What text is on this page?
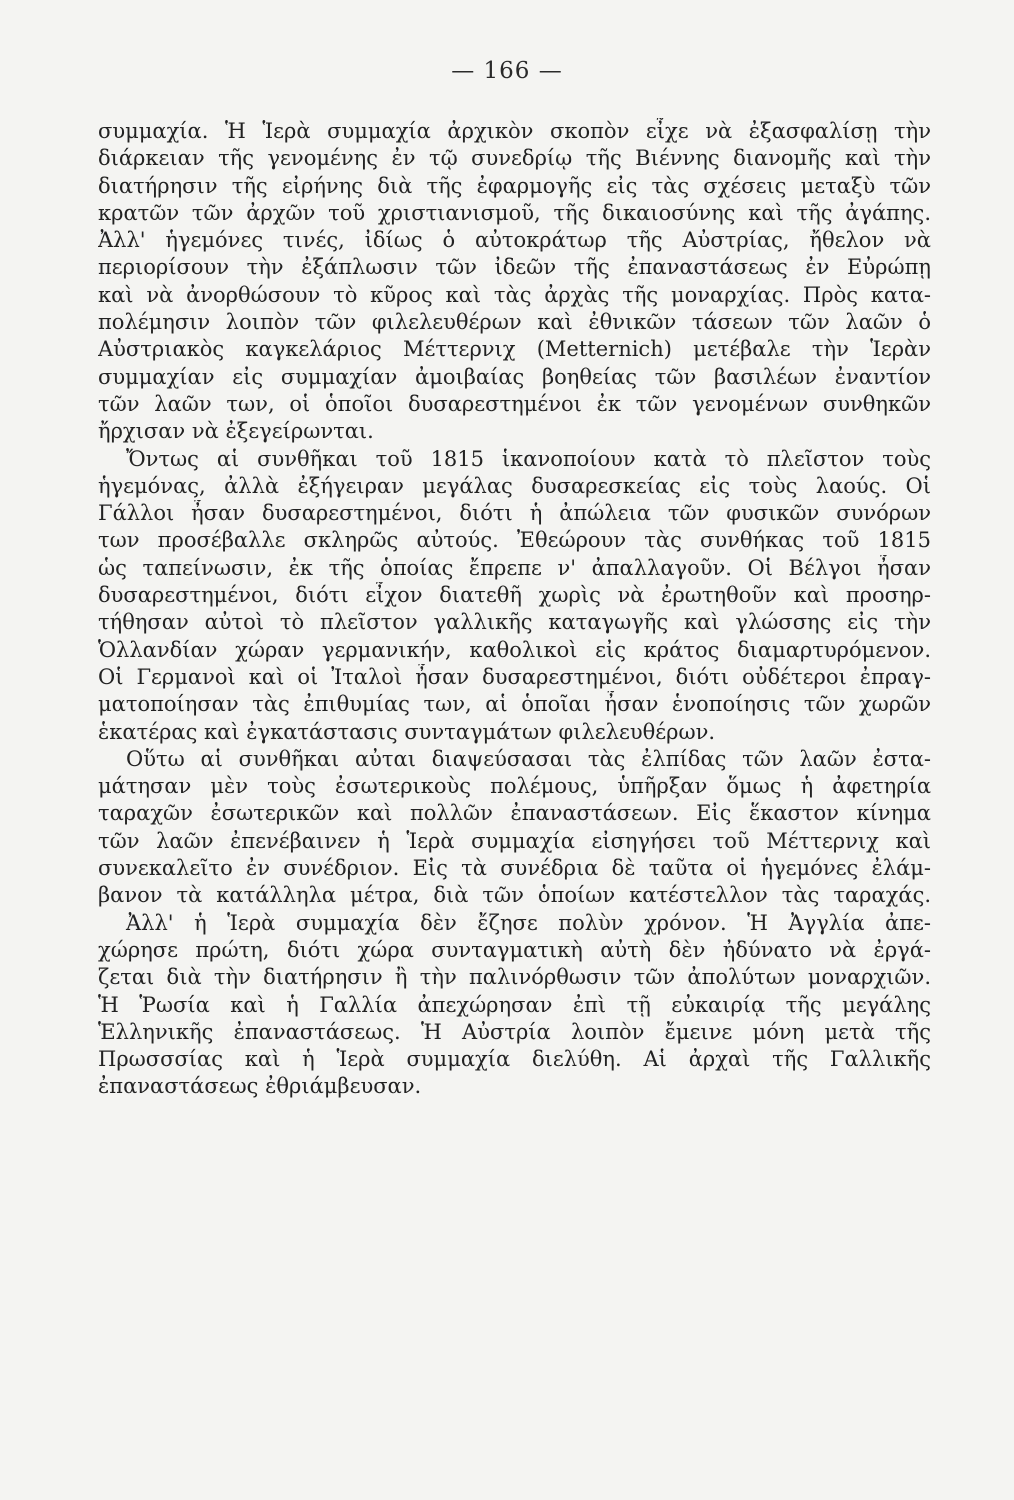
— 166 —
συμμαχία. Ἡ Ἱερὰ συμμαχία ἀρχικὸν σκοπὸν εἶχε νὰ ἐξασφαλίσῃ τὴν
διάρκειαν τῆς γενομένης ἐν τῷ συνεδρίῳ τῆς Βιέννης διανομῆς καὶ τὴν
διατήρησιν τῆς εἰρήνης διὰ τῆς ἐφαρμογῆς εἰς τὰς σχέσεις μεταξὺ τῶν
κρατῶν τῶν ἀρχῶν τοῦ χριστιανισμοῦ, τῆς δικαιοσύνης καὶ τῆς ἀγάπης.
Ἀλλ' ἡγεμόνες τινές, ἰδίως ὁ αὐτοκράτωρ τῆς Αὐστρίας, ἤθελον νὰ
περιορίσουν τὴν ἐξάπλωσιν τῶν ἰδεῶν τῆς ἐπαναστάσεως ἐν Εὐρώπῃ
καὶ νὰ ἀνορθώσουν τὸ κῦρος καὶ τὰς ἀρχὰς τῆς μοναρχίας. Πρὸς κατα-
πολέμησιν λοιπὸν τῶν φιλελευθέρων καὶ ἐθνικῶν τάσεων τῶν λαῶν ὁ
Αὐστριακὸς καγκελάριος Μέττερνιχ (Metternich) μετέβαλε τὴν Ἱερὰν
συμμαχίαν εἰς συμμαχίαν ἀμοιβαίας βοηθείας τῶν βασιλέων ἐναντίον
τῶν λαῶν των, οἱ ὁποῖοι δυσαρεστημένοι ἐκ τῶν γενομένων συνθηκῶν
ἤρχισαν νὰ ἐξεγείρωνται.
Ὄντως αἱ συνθῆκαι τοῦ 1815 ἱκανοποίουν κατὰ τὸ πλεῖστον τοὺς
ἡγεμόνας, ἀλλὰ ἐξήγειραν μεγάλας δυσαρεσκείας εἰς τοὺς λαούς. Οἱ
Γάλλοι ἦσαν δυσαρεστημένοι, διότι ἡ ἀπώλεια τῶν φυσικῶν συνόρων
των προσέβαλλε σκληρῶς αὐτούς. Ἐθεώρουν τὰς συνθήκας τοῦ 1815
ὡς ταπείνωσιν, ἐκ τῆς ὁποίας ἔπρεπε ν' ἀπαλλαγοῦν. Οἱ Βέλγοι ἦσαν
δυσαρεστημένοι, διότι εἶχον διατεθῆ χωρὶς νὰ ἐρωτηθοῦν καὶ προσηρ-
τήθησαν αὐτοὶ τὸ πλεῖστον γαλλικῆς καταγωγῆς καὶ γλώσσης εἰς τὴν
Ὁλλανδίαν χώραν γερμανικήν, καθολικοὶ εἰς κράτος διαμαρτυρόμενον.
Οἱ Γερμανοὶ καὶ οἱ Ἰταλοὶ ἦσαν δυσαρεστημένοι, διότι οὐδέτεροι ἐπραγ-
ματοποίησαν τὰς ἐπιθυμίας των, αἱ ὁποῖαι ἦσαν ἑνοποίησις τῶν χωρῶν
ἑκατέρας καὶ ἐγκατάστασις συνταγμάτων φιλελευθέρων.
Οὕτω αἱ συνθῆκαι αὐται διαψεύσασαι τὰς ἐλπίδας τῶν λαῶν ἐστα-
μάτησαν μὲν τοὺς ἐσωτερικοὺς πολέμους, ὑπῆρξαν ὅμως ἡ ἀφετηρία
ταραχῶν ἐσωτερικῶν καὶ πολλῶν ἐπαναστάσεων. Εἰς ἕκαστον κίνημα
τῶν λαῶν ἐπενέβαινεν ἡ Ἱερὰ συμμαχία εἰσηγήσει τοῦ Μέττερνιχ καὶ
συνεκαλεῖτο ἐν συνέδριον. Εἰς τὰ συνέδρια δὲ ταῦτα οἱ ἡγεμόνες ἐλάμ-
βανον τὰ κατάλληλα μέτρα, διὰ τῶν ὁποίων κατέστελλον τὰς ταραχάς.
Ἀλλ' ἡ Ἱερὰ συμμαχία δὲν ἔζησε πολὺν χρόνον. Ἡ Ἀγγλία ἀπε-
χώρησε πρώτη, διότι χώρα συνταγματικὴ αὐτὴ δὲν ἠδύνατο νὰ ἐργά-
ζεται διὰ τὴν διατήρησιν ἢ τὴν παλινόρθωσιν τῶν ἀπολύτων μοναρχιῶν.
Ἡ Ῥωσία καὶ ἡ Γαλλία ἀπεχώρησαν ἐπὶ τῇ εὐκαιρίᾳ τῆς μεγάλης
Ἑλληνικῆς ἐπαναστάσεως. Ἡ Αὐστρία λοιπὸν ἔμεινε μόνη μετὰ τῆς
Πρωσσσίας καὶ ἡ Ἱερὰ συμμαχία διελύθη. Αἱ ἀρχαὶ τῆς Γαλλικῆς
ἐπαναστάσεως ἐθριάμβευσαν.
